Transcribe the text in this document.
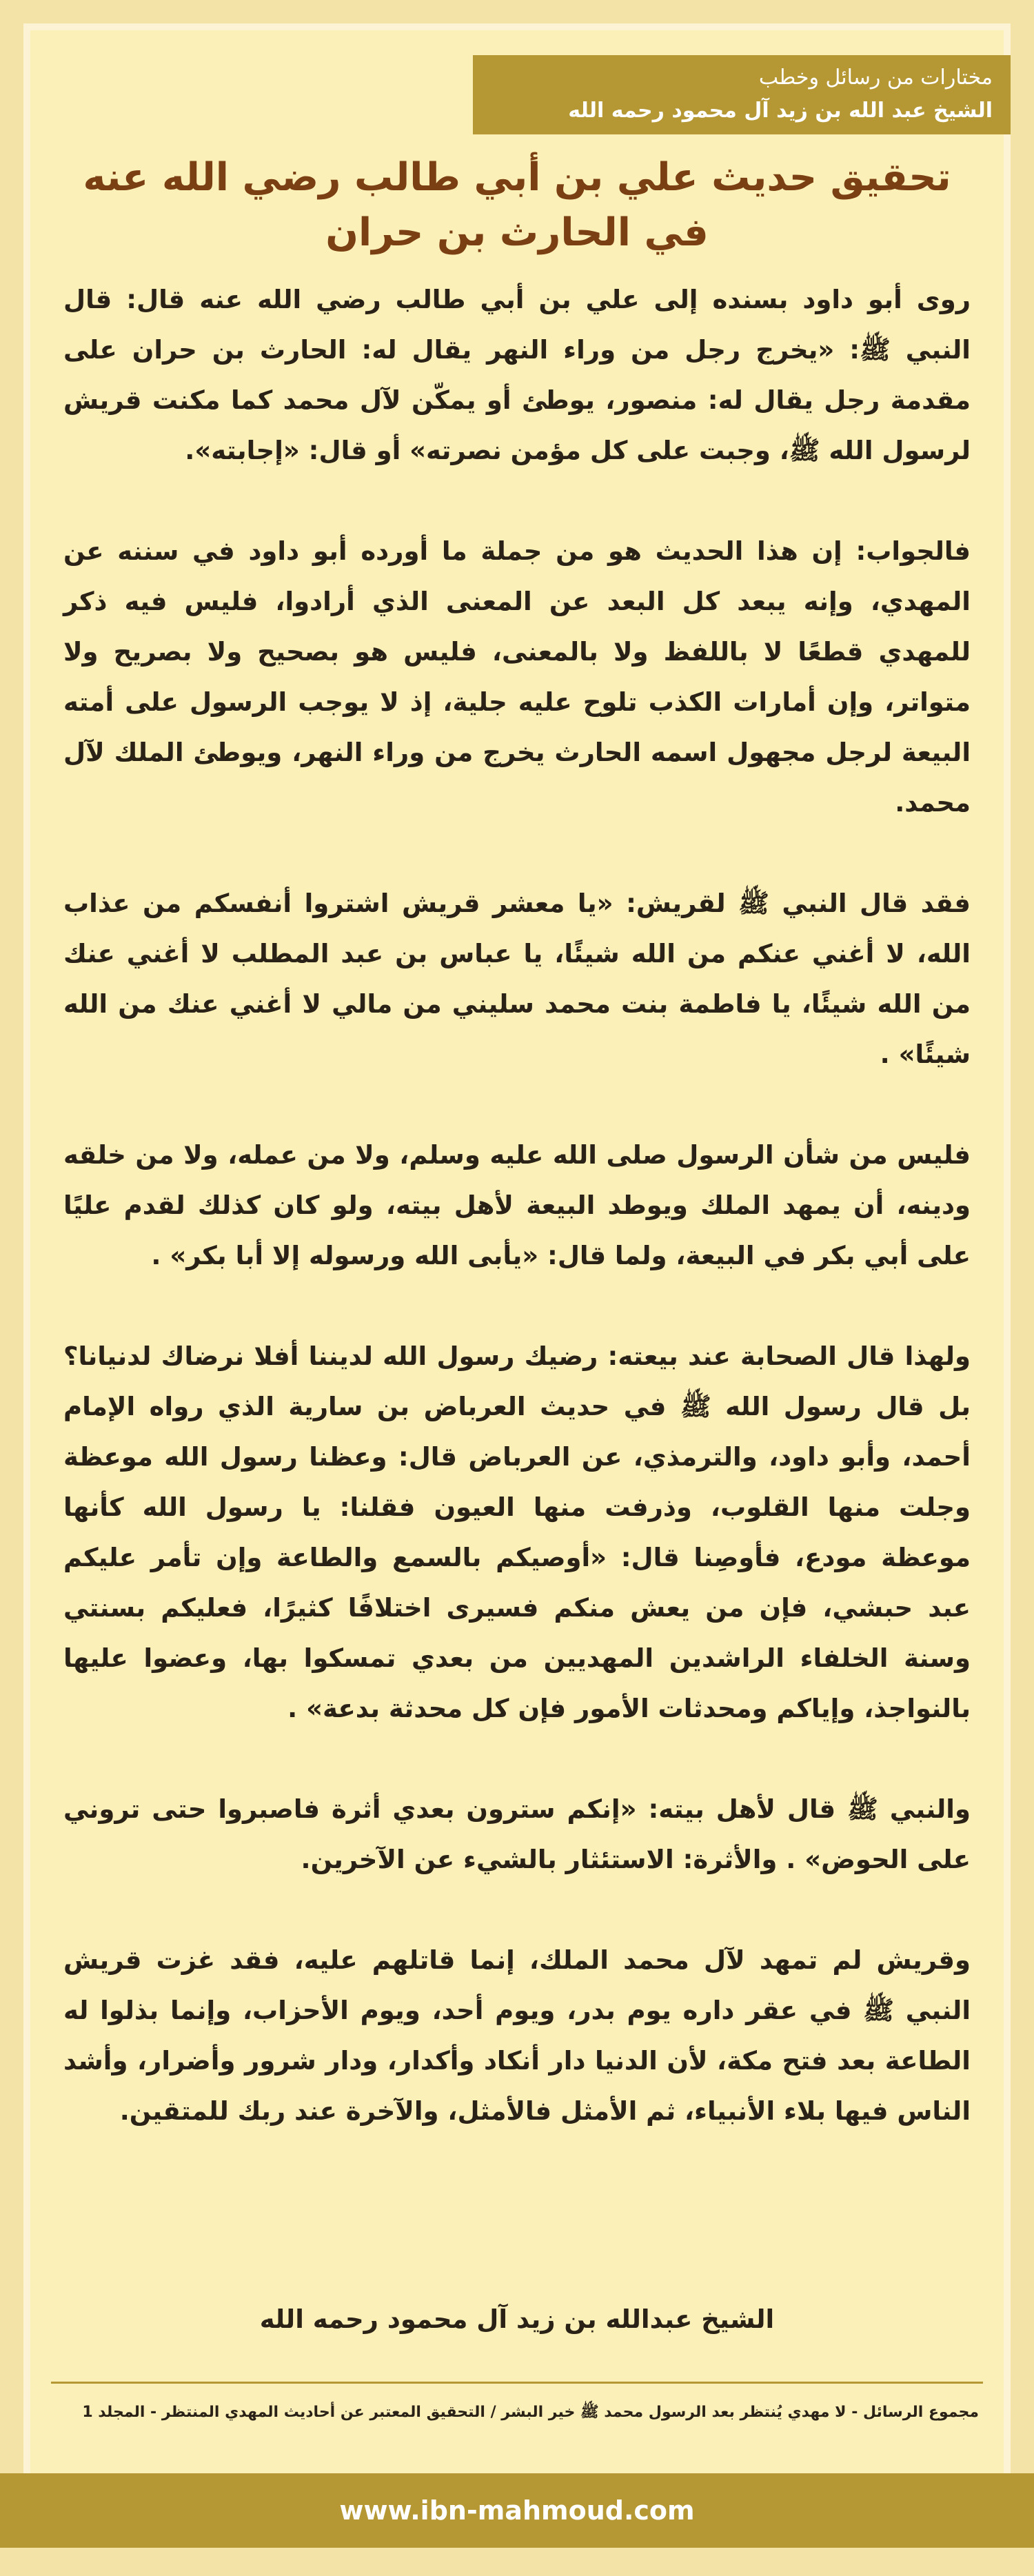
مختارات من رسائل وخطب
الشيخ عبد الله بن زيد آل محمود رحمه الله
تحقيق حديث علي بن أبي طالب رضي الله عنه
في الحارث بن حران

روى أبو داود بسنده إلى علي بن أبي طالب رضي الله عنه قال: قال النبي ﷺ: «يخرج رجل من وراء النهر يقال له: الحارث بن حران على مقدمة رجل يقال له: منصور، يوطئ أو يمكّن لآل محمد كما مكنت قريش لرسول الله ﷺ، وجبت على كل مؤمن نصرته» أو قال: «إجابته».

فالجواب: إن هذا الحديث هو من جملة ما أورده أبو داود في سننه عن المهدي، وإنه يبعد كل البعد عن المعنى الذي أرادوا، فليس فيه ذكر للمهدي قطعًا لا باللفظ ولا بالمعنى، فليس هو بصحيح ولا بصريح ولا متواتر، وإن أمارات الكذب تلوح عليه جلية، إذ لا يوجب الرسول على أمته البيعة لرجل مجهول اسمه الحارث يخرج من وراء النهر، ويوطئ الملك لآل محمد.

فقد قال النبي ﷺ لقريش: «يا معشر قريش اشتروا أنفسكم من عذاب الله، لا أغني عنكم من الله شيئًا، يا عباس بن عبد المطلب لا أغني عنك من الله شيئًا، يا فاطمة بنت محمد سليني من مالي لا أغني عنك من الله شيئًا» .

فليس من شأن الرسول صلى الله عليه وسلم، ولا من عمله، ولا من خلقه ودينه، أن يمهد الملك ويوطد البيعة لأهل بيته، ولو كان كذلك لقدم عليًا على أبي بكر في البيعة، ولما قال: «يأبى الله ورسوله إلا أبا بكر» .

ولهذا قال الصحابة عند بيعته: رضيك رسول الله لديننا أفلا نرضاك لدنيانا؟ بل قال رسول الله ﷺ في حديث العرباض بن سارية الذي رواه الإمام أحمد، وأبو داود، والترمذي، عن العرباض قال: وعظنا رسول الله موعظة وجلت منها القلوب، وذرفت منها العيون فقلنا: يا رسول الله كأنها موعظة مودع، فأوصِنا قال: «أوصيكم بالسمع والطاعة وإن تأمر عليكم عبد حبشي، فإن من يعش منكم فسيرى اختلافًا كثيرًا، فعليكم بسنتي وسنة الخلفاء الراشدين المهديين من بعدي تمسكوا بها، وعضوا عليها بالنواجذ، وإياكم ومحدثات الأمور فإن كل محدثة بدعة» .

والنبي ﷺ قال لأهل بيته: «إنكم سترون بعدي أثرة فاصبروا حتى تروني على الحوض» . والأثرة: الاستئثار بالشيء عن الآخرين.

وقريش لم تمهد لآل محمد الملك، إنما قاتلهم عليه، فقد غزت قريش النبي ﷺ في عقر داره يوم بدر، ويوم أحد، ويوم الأحزاب، وإنما بذلوا له الطاعة بعد فتح مكة، لأن الدنيا دار أنكاد وأكدار، ودار شرور وأضرار، وأشد الناس فيها بلاء الأنبياء، ثم الأمثل فالأمثل، والآخرة عند ربك للمتقين.

الشيخ عبدالله بن زيد آل محمود رحمه الله
مجموع الرسائل - لا مهدي يُنتظر بعد الرسول محمد ﷺ خير البشر / التحقيق المعتبر عن أحاديث المهدي المنتظر - المجلد 1
www.ibn-mahmoud.com
